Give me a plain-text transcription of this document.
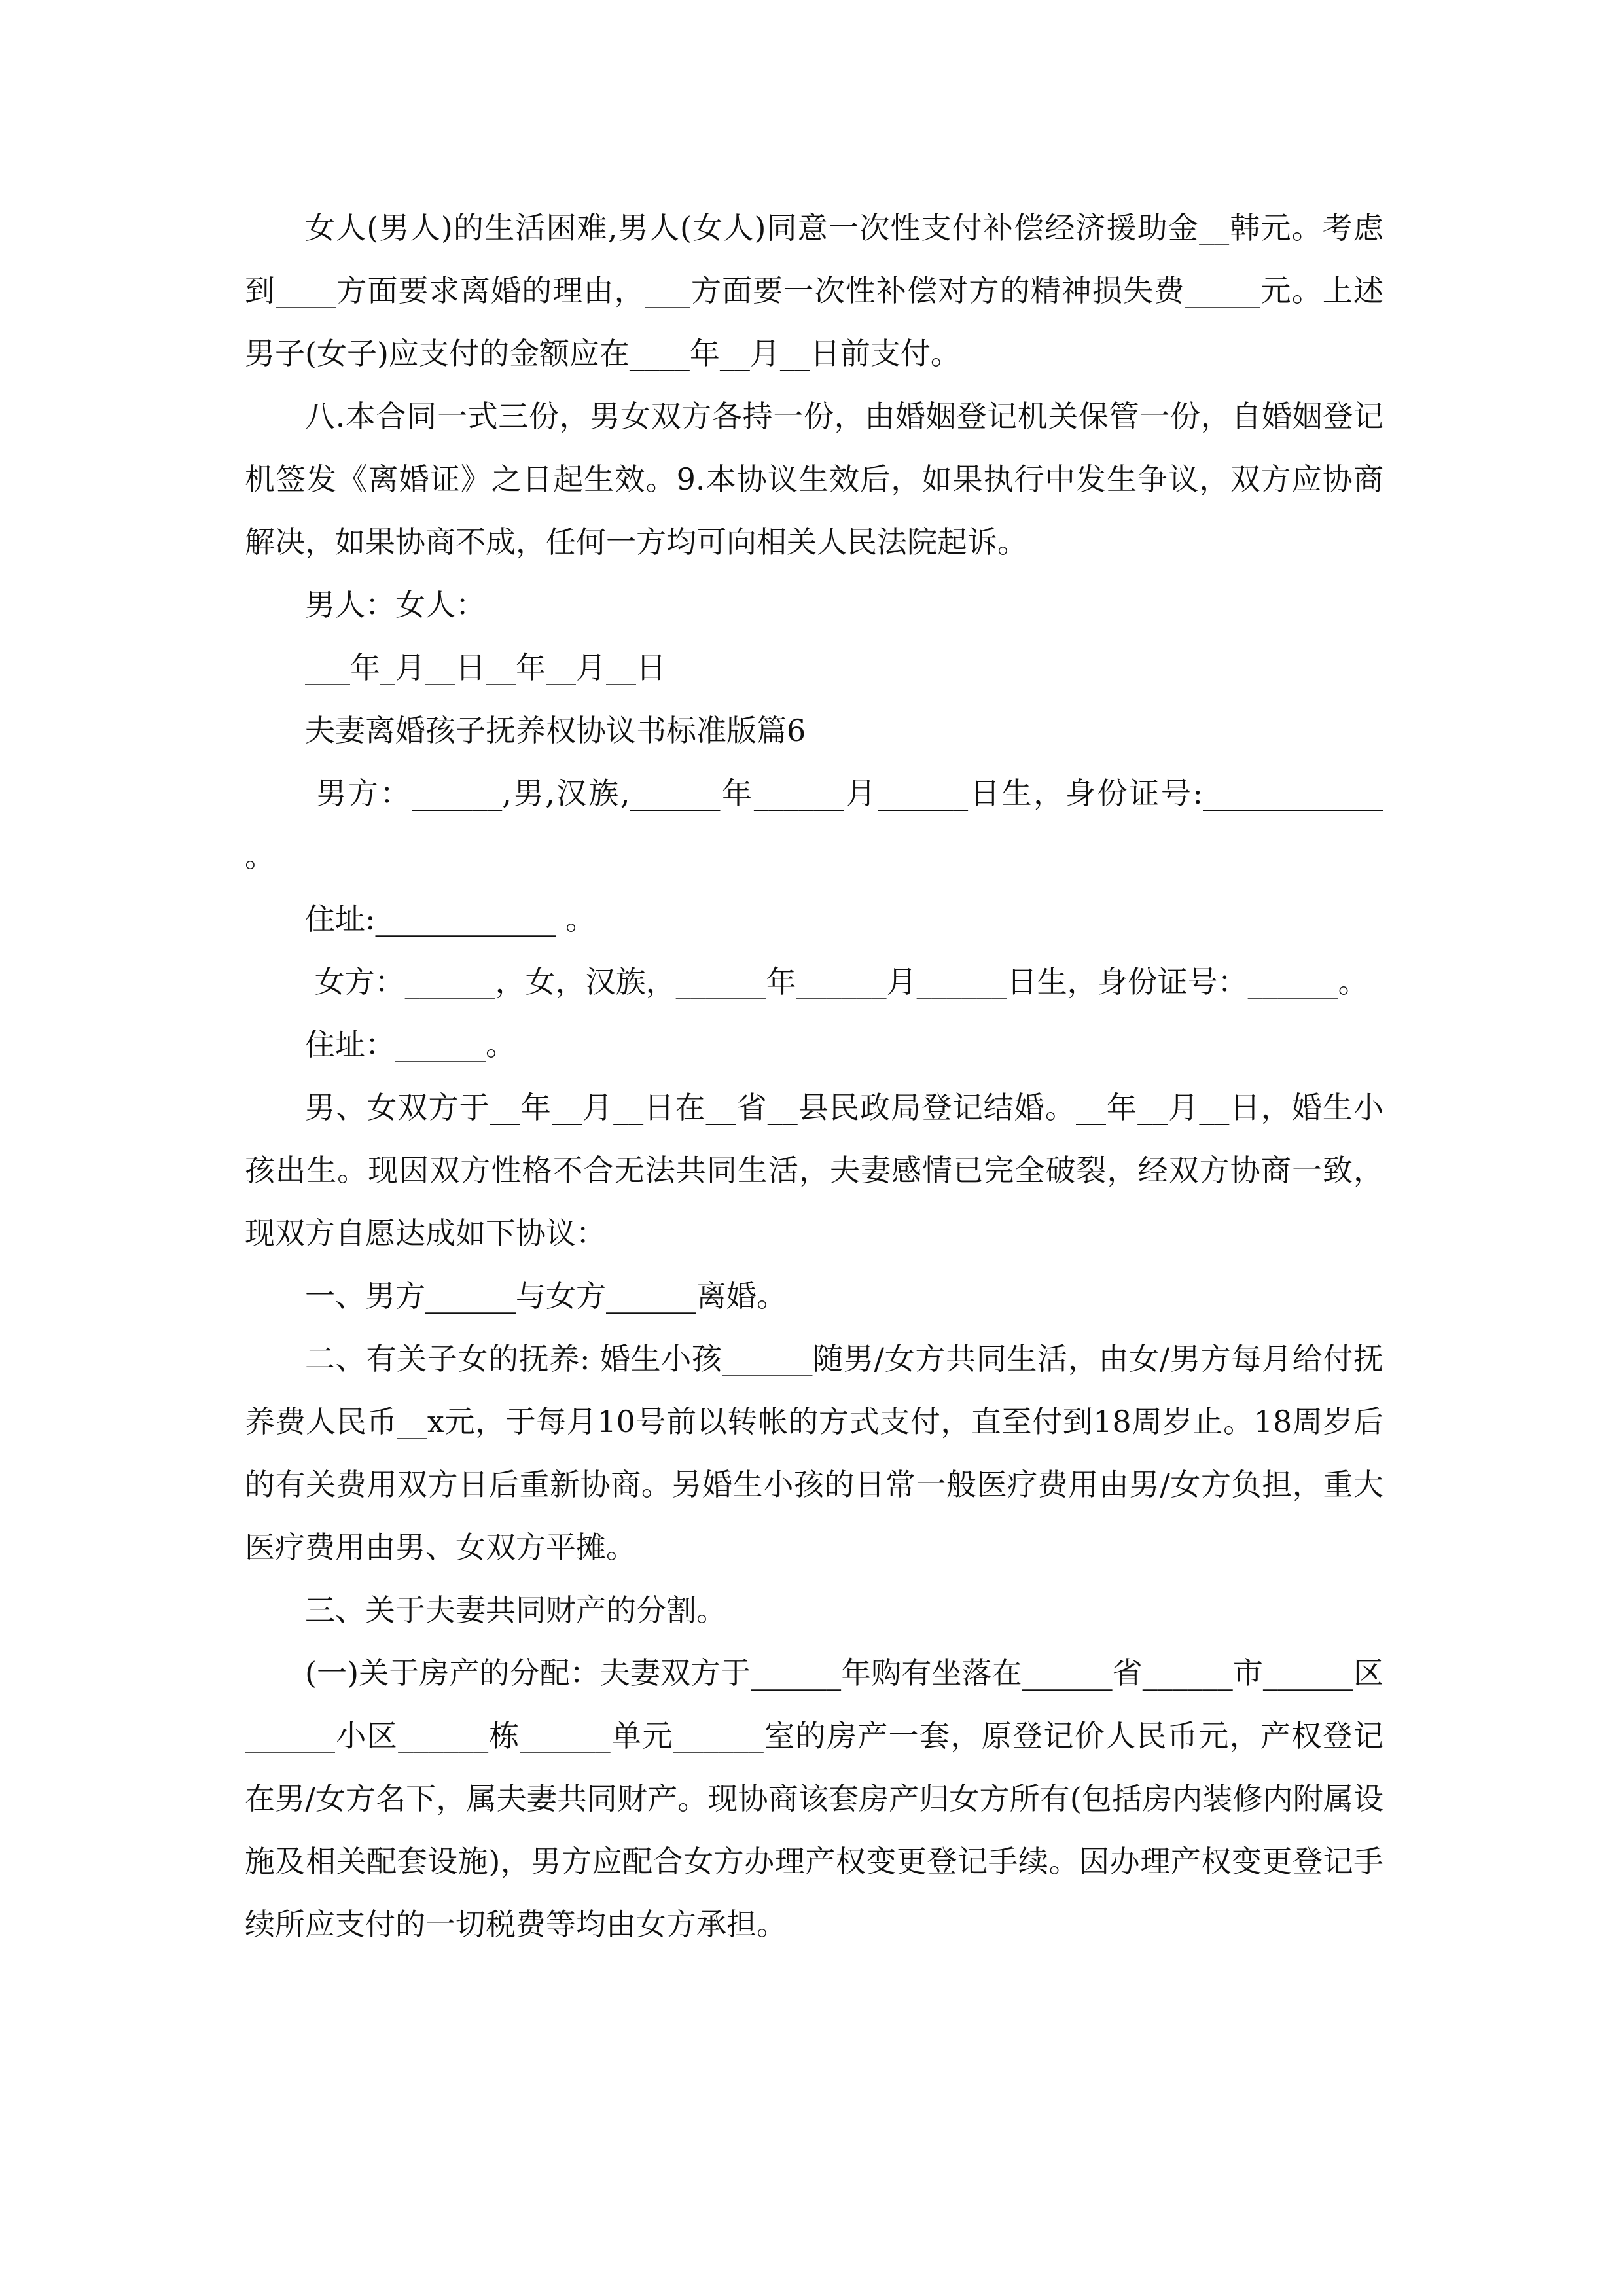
女人(男人)的生活困难,男人(女人)同意一次性支付补偿经济援助金__韩元。考虑到____方面要求离婚的理由，___方面要一次性补偿对方的精神损失费_____元。上述男子(女子)应支付的金额应在____年__月__日前支付。

八.本合同一式三份，男女双方各持一份，由婚姻登记机关保管一份，自婚姻登记机签发《离婚证》之日起生效。9.本协议生效后，如果执行中发生争议，双方应协商解决，如果协商不成，任何一方均可向相关人民法院起诉。

男人：女人：

___年_月__日__年__月__日

夫妻离婚孩子抚养权协议书标准版篇6

男方：______,男,汉族,______年______月______日生，身份证号:____________ 。

住址:____________ 。

女方：______，女，汉族，______年______月______日生，身份证号：______。

住址：______。

男、女双方于__年__月__日在__省__县民政局登记结婚。__年__月__日，婚生小孩出生。现因双方性格不合无法共同生活，夫妻感情已完全破裂，经双方协商一致，现双方自愿达成如下协议：

一、男方______与女方______离婚。

二、有关子女的抚养: 婚生小孩______随男/女方共同生活，由女/男方每月给付抚养费人民币__x元，于每月10号前以转帐的方式支付，直至付到18周岁止。18周岁后的有关费用双方日后重新协商。另婚生小孩的日常一般医疗费用由男/女方负担，重大医疗费用由男、女双方平摊。

三、关于夫妻共同财产的分割。

(一)关于房产的分配：夫妻双方于______年购有坐落在______省______市______区______小区______栋______单元______室的房产一套，原登记价人民币元，产权登记在男/女方名下，属夫妻共同财产。现协商该套房产归女方所有(包括房内装修内附属设施及相关配套设施)，男方应配合女方办理产权变更登记手续。因办理产权变更登记手续所应支付的一切税费等均由女方承担。
